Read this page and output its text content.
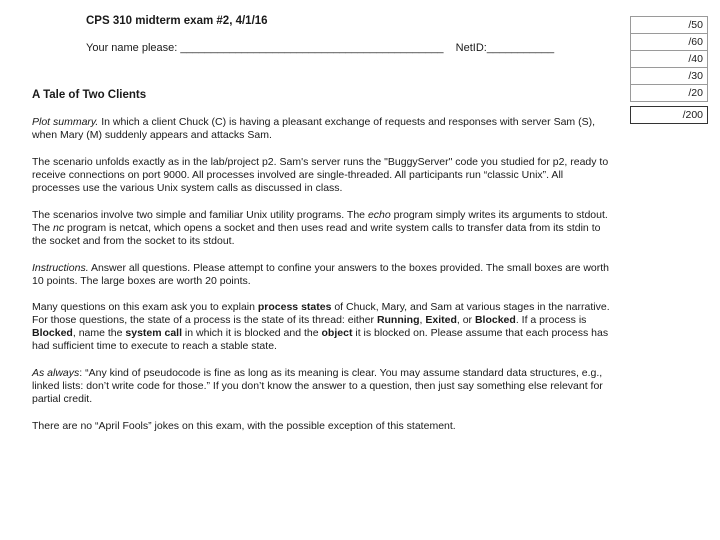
CPS 310 midterm exam #2, 4/1/16
Your name please: ___________________________________________    NetID:___________
/50
/60
/40
/30
/20

/200
A Tale of Two Clients

Plot summary. In which a client Chuck (C) is having a pleasant exchange of requests and responses with server Sam (S), when Mary (M) suddenly appears and attacks Sam.

The scenario unfolds exactly as in the lab/project p2. Sam's server runs the "BuggyServer" code you studied for p2, ready to receive connections on port 9000. All processes involved are single-threaded. All participants run “classic Unix”. All processes use the various Unix system calls as discussed in class.

The scenarios involve two simple and familiar Unix utility programs. The echo program simply writes its arguments to stdout. The nc program is netcat, which opens a socket and then uses read and write system calls to transfer data from its stdin to the socket and from the socket to its stdout.

Instructions. Answer all questions. Please attempt to confine your answers to the boxes provided. The small boxes are worth 10 points. The large boxes are worth 20 points.

Many questions on this exam ask you to explain process states of Chuck, Mary, and Sam at various stages in the narrative. For those questions, the state of a process is the state of its thread: either Running, Exited, or Blocked. If a process is Blocked, name the system call in which it is blocked and the object it is blocked on. Please assume that each process has had sufficient time to execute to reach a stable state.

As always: “Any kind of pseudocode is fine as long as its meaning is clear. You may assume standard data structures, e.g., linked lists: don’t write code for those.” If you don’t know the answer to a question, then just say something else relevant for partial credit.

There are no “April Fools” jokes on this exam, with the possible exception of this statement.
